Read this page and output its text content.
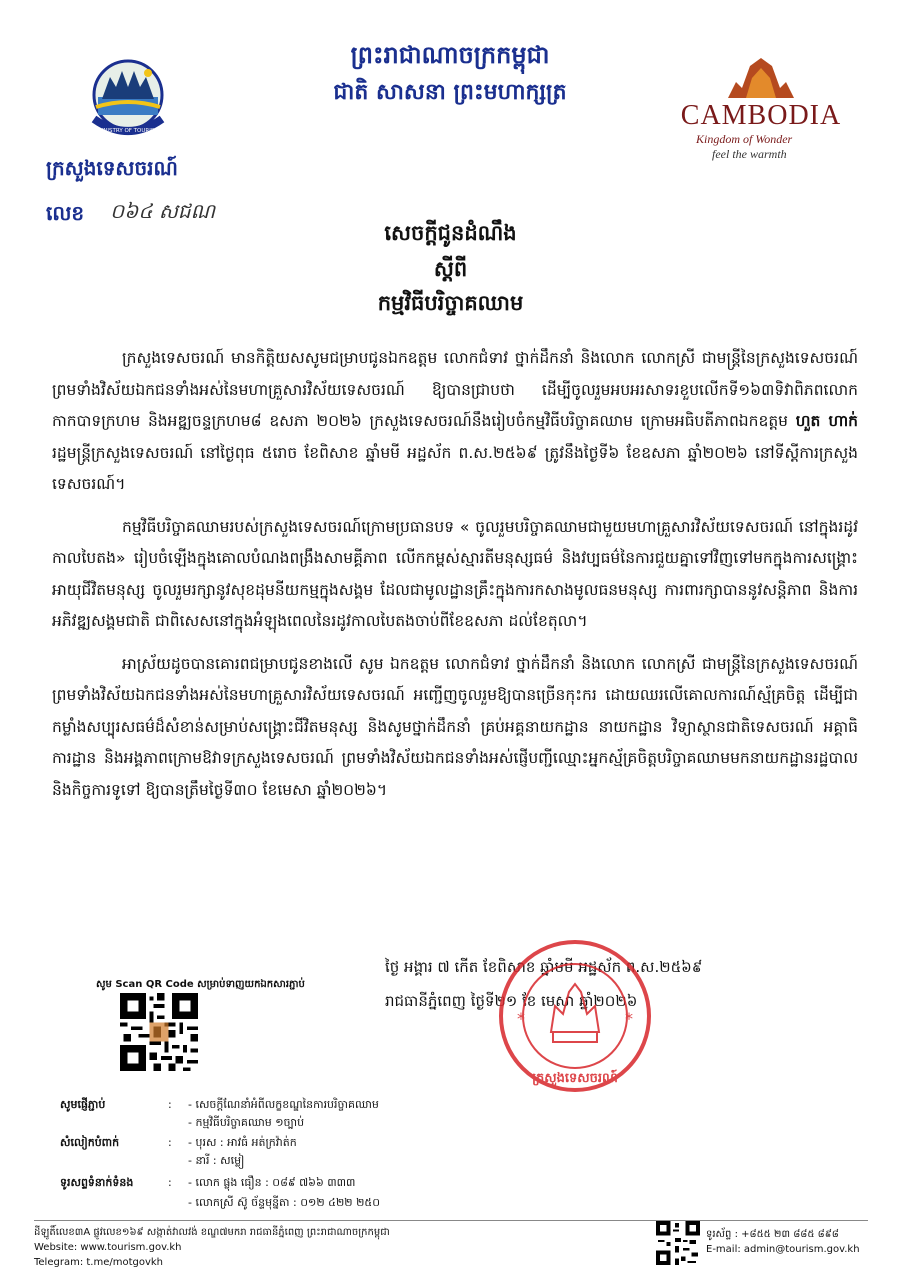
ព្រះរាជាណាចក្រកម្ពុជា
ជាតិ សាសនា ព្រះមហាក្សត្រ
MINISTRY OF TOURISM
ក្រសួងទេសចរណ៍
លេខ ០៦៤ សជណ
CAMBODIA
Kingdom of Wonder
feel the warmth
សេចក្ដីជូនដំណឹង
ស្ដីពី
កម្មវិធីបរិច្ចាគឈាម

ក្រសួងទេសចរណ៍ មានកិត្តិយសសូមជម្រាបជូនឯកឧត្តម លោកជំទាវ ថ្នាក់ដឹកនាំ និងលោក លោកស្រី ជាមន្ត្រីនៃក្រសួងទេសចរណ៍ ព្រមទាំងវិស័យឯកជនទាំងអស់នៃមហាគ្រួសារវិស័យទេសចរណ៍ ឱ្យបានជ្រាបថា ដើម្បីចូលរួមអបអរសាទរខួបលើកទី១៦៣ទិវាពិភពលោកកាកបាទក្រហម និងអឌ្ឍចន្ទក្រហម៨ ឧសភា ២០២៦ ក្រសួងទេសចរណ៍នឹងរៀបចំកម្មវិធីបរិច្ចាគឈាម ក្រោមអធិបតីភាពឯកឧត្តម ហួត ហាក់ រដ្ឋមន្ត្រីក្រសួងទេសចរណ៍ នៅថ្ងៃពុធ ៥រោច ខែពិសាខ ឆ្នាំមមី អដ្ឋស័ក ព.ស.២៥៦៩ ត្រូវនឹងថ្ងៃទី៦ ខែឧសភា ឆ្នាំ២០២៦ នៅទីស្ដីការក្រសួងទេសចរណ៍។

កម្មវិធីបរិច្ចាគឈាមរបស់ក្រសួងទេសចរណ៍ក្រោមប្រធានបទ « ចូលរួមបរិច្ចាគឈាមជាមួយមហាគ្រួសារវិស័យទេសចរណ៍ នៅក្នុងរដូវកាលបៃតង» រៀបចំឡើងក្នុងគោលបំណងពង្រឹងសាមគ្គីភាព លើកកម្ពស់ស្មារតីមនុស្សធម៌ និងវប្បធម៌នៃការជួយគ្នាទៅវិញទៅមកក្នុងការសង្គ្រោះអាយុជីវិតមនុស្ស ចូលរួមរក្សានូវសុខដុមនីយកម្មក្នុងសង្គម ដែលជាមូលដ្ឋានគ្រឹះក្នុងការកសាងមូលធនមនុស្ស ការពារក្សាបាននូវសន្តិភាព និងការអភិវឌ្ឍសង្គមជាតិ ជាពិសេសនៅក្នុងអំឡុងពេលនៃរដូវកាលបៃតងចាប់ពីខែឧសភា ដល់ខែតុលា។

អាស្រ័យដូចបានគោរពជម្រាបជូនខាងលើ សូម ឯកឧត្តម លោកជំទាវ ថ្នាក់ដឹកនាំ និងលោក លោកស្រី ជាមន្ត្រីនៃក្រសួងទេសចរណ៍ ព្រមទាំងវិស័យឯកជនទាំងអស់នៃមហាគ្រួសារវិស័យទេសចរណ៍ អញ្ជើញចូលរួមឱ្យបានច្រើនកុះករ ដោយឈរលើគោលការណ៍ស្ម័គ្រចិត្ត ដើម្បីជាកម្លាំងសប្បុរសធម៌ដ៏សំខាន់សម្រាប់សង្គ្រោះជីវិតមនុស្ស និងសូមថ្នាក់ដឹកនាំ គ្រប់អគ្គនាយកដ្ឋាន នាយកដ្ឋាន វិទ្យាស្ថានជាតិទេសចរណ៍ អគ្គាធិការដ្ឋាន និងអង្គភាពក្រោមឱវាទក្រសួងទេសចរណ៍ ព្រមទាំងវិស័យឯកជនទាំងអស់ផ្ញើបញ្ជីឈ្មោះអ្នកស្ម័គ្រចិត្តបរិច្ចាគឈាមមកនាយកដ្ឋានរដ្ឋបាលនិងកិច្ចការទូទៅ ឱ្យបានត្រឹមថ្ងៃទី៣០ ខែមេសា ឆ្នាំ២០២៦។

ថ្ងៃ អង្គារ ៧ កើត ខែពិសាខ ឆ្នាំមមី អដ្ឋស័ក ព.ស.២៥៦៩
រាជធានីភ្នំពេញ ថ្ងៃទី២១ ខែ មេសា ឆ្នាំ២០២៦
*	*
ក្រសួងទេសចរណ៍
សូម Scan QR Code សម្រាប់ទាញយកឯកសារភ្ជាប់
សូមផ្ញើភ្ជាប់	: - សេចក្ដីណែនាំអំពីលក្ខខណ្ឌនៃការបរិច្ចាគឈាម
- កម្មវិធីបរិច្ចាគឈាម ១ច្បាប់
សំលៀកបំពាក់	: - បុរស : អាវធំ អត់ក្រវ៉ាត់ក
- នារី : សម្លៀ
ទូរសព្ទទំនាក់ទំនង	: - លោក ផ្លុង ធឿន : ០៨៩ ៧៦៦ ៣៣៣
- លោកស្រី ស៊ូ ច័ន្ទមុន្នីតា : ០១២ ៤២២ ២៥០
ដីឡូតិ៍លេខ៣A ផ្លូវលេខ១៦៩ សង្កាត់វាលវង់ ខណ្ឌ៧មករា រាជធានីភ្នំពេញ ព្រះរាជាណាចក្រកម្ពុជា
Website: www.tourism.gov.kh
Telegram: t.me/motgovkh
ទូរស័ព្ទ : +៨៥៥ ២៣ ៨៨៥ ៨៩៨
E-mail: admin@tourism.gov.kh
